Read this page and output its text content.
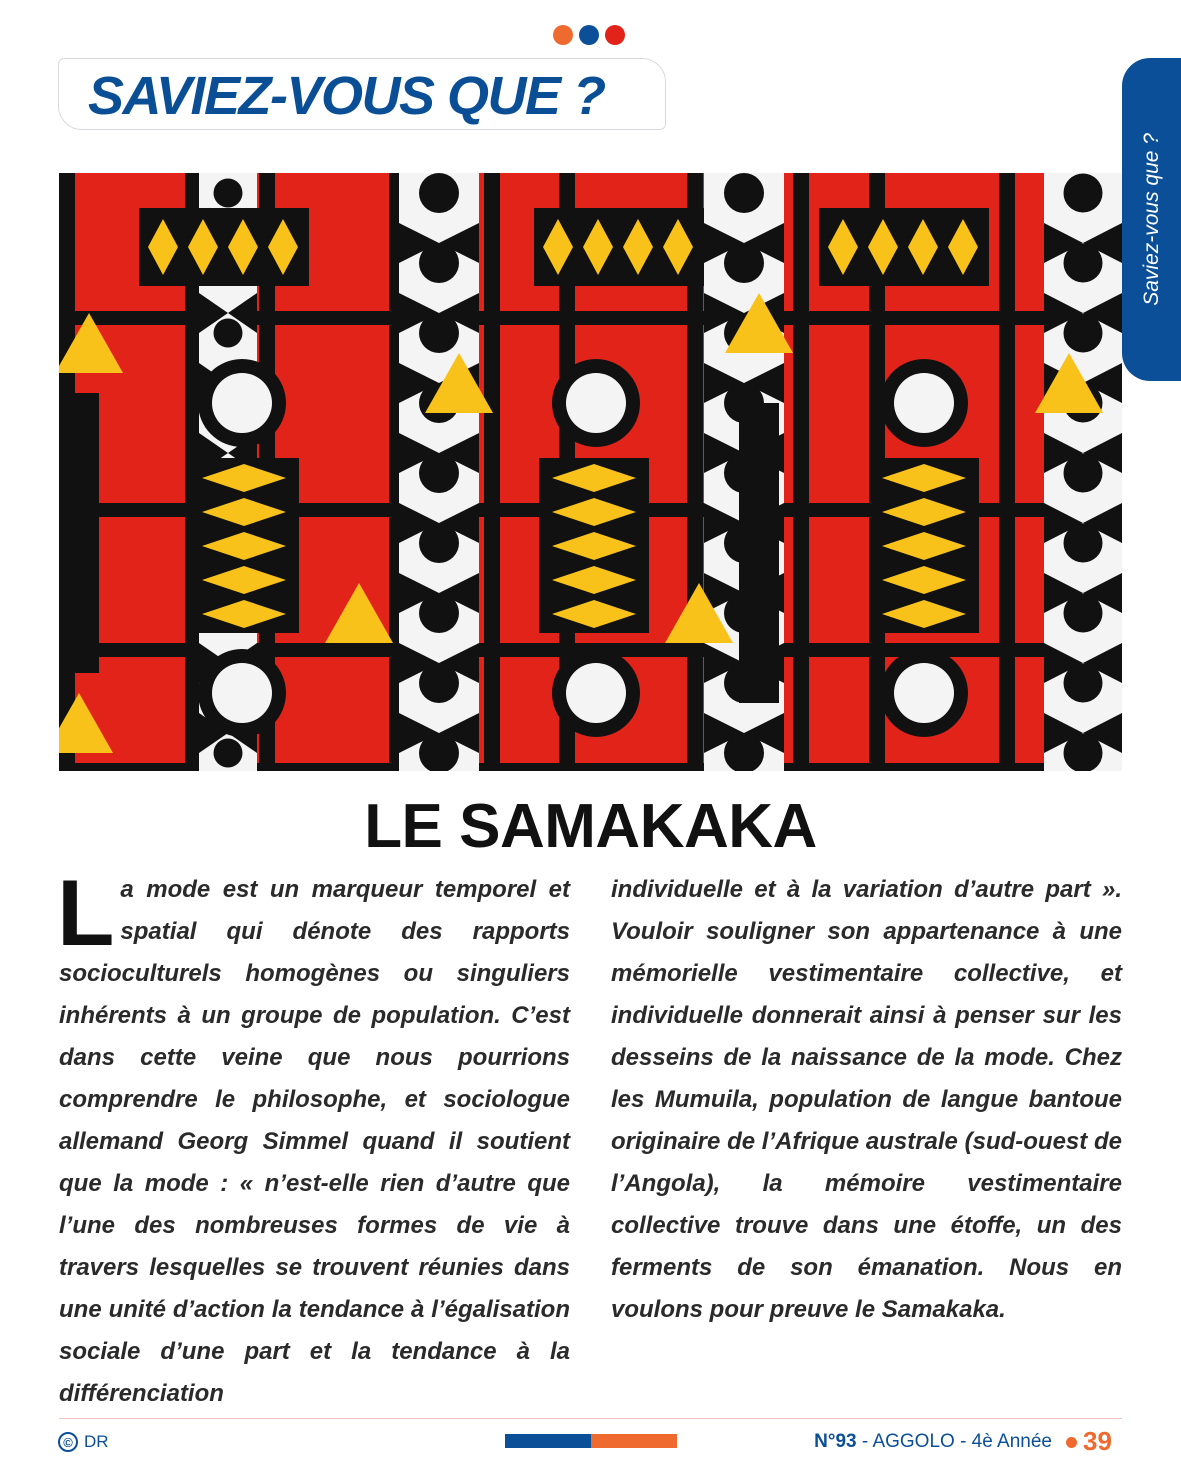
SAVIEZ-VOUS QUE ?
Saviez-vous que ?
LE SAMAKAKA
La mode est un marqueur temporel et spatial qui dénote des rapports socioculturels homogènes ou singuliers inhérents à un groupe de population. C’est dans cette veine que nous pourrions comprendre le philosophe, et sociologue allemand Georg Simmel quand il soutient que la mode : « n’est-elle rien d’autre que l’une des nombreuses formes de vie à travers lesquelles se trouvent réunies dans une unité d’action la tendance à l’égalisation sociale d’une part et la tendance à la différenciation
individuelle et à la variation d’autre part ». Vouloir souligner son appartenance à une mémorielle vestimentaire collective, et individuelle donnerait ainsi à penser sur les desseins de la naissance de la mode. Chez les Mumuila, population de langue bantoue originaire de l’Afrique australe (sud-ouest de l’Angola), la mémoire vestimentaire collective trouve dans une étoffe, un des ferments de son émanation. Nous en voulons pour preuve le Samakaka.
© DR	N°93 - AGGOLO - 4è Année 39
